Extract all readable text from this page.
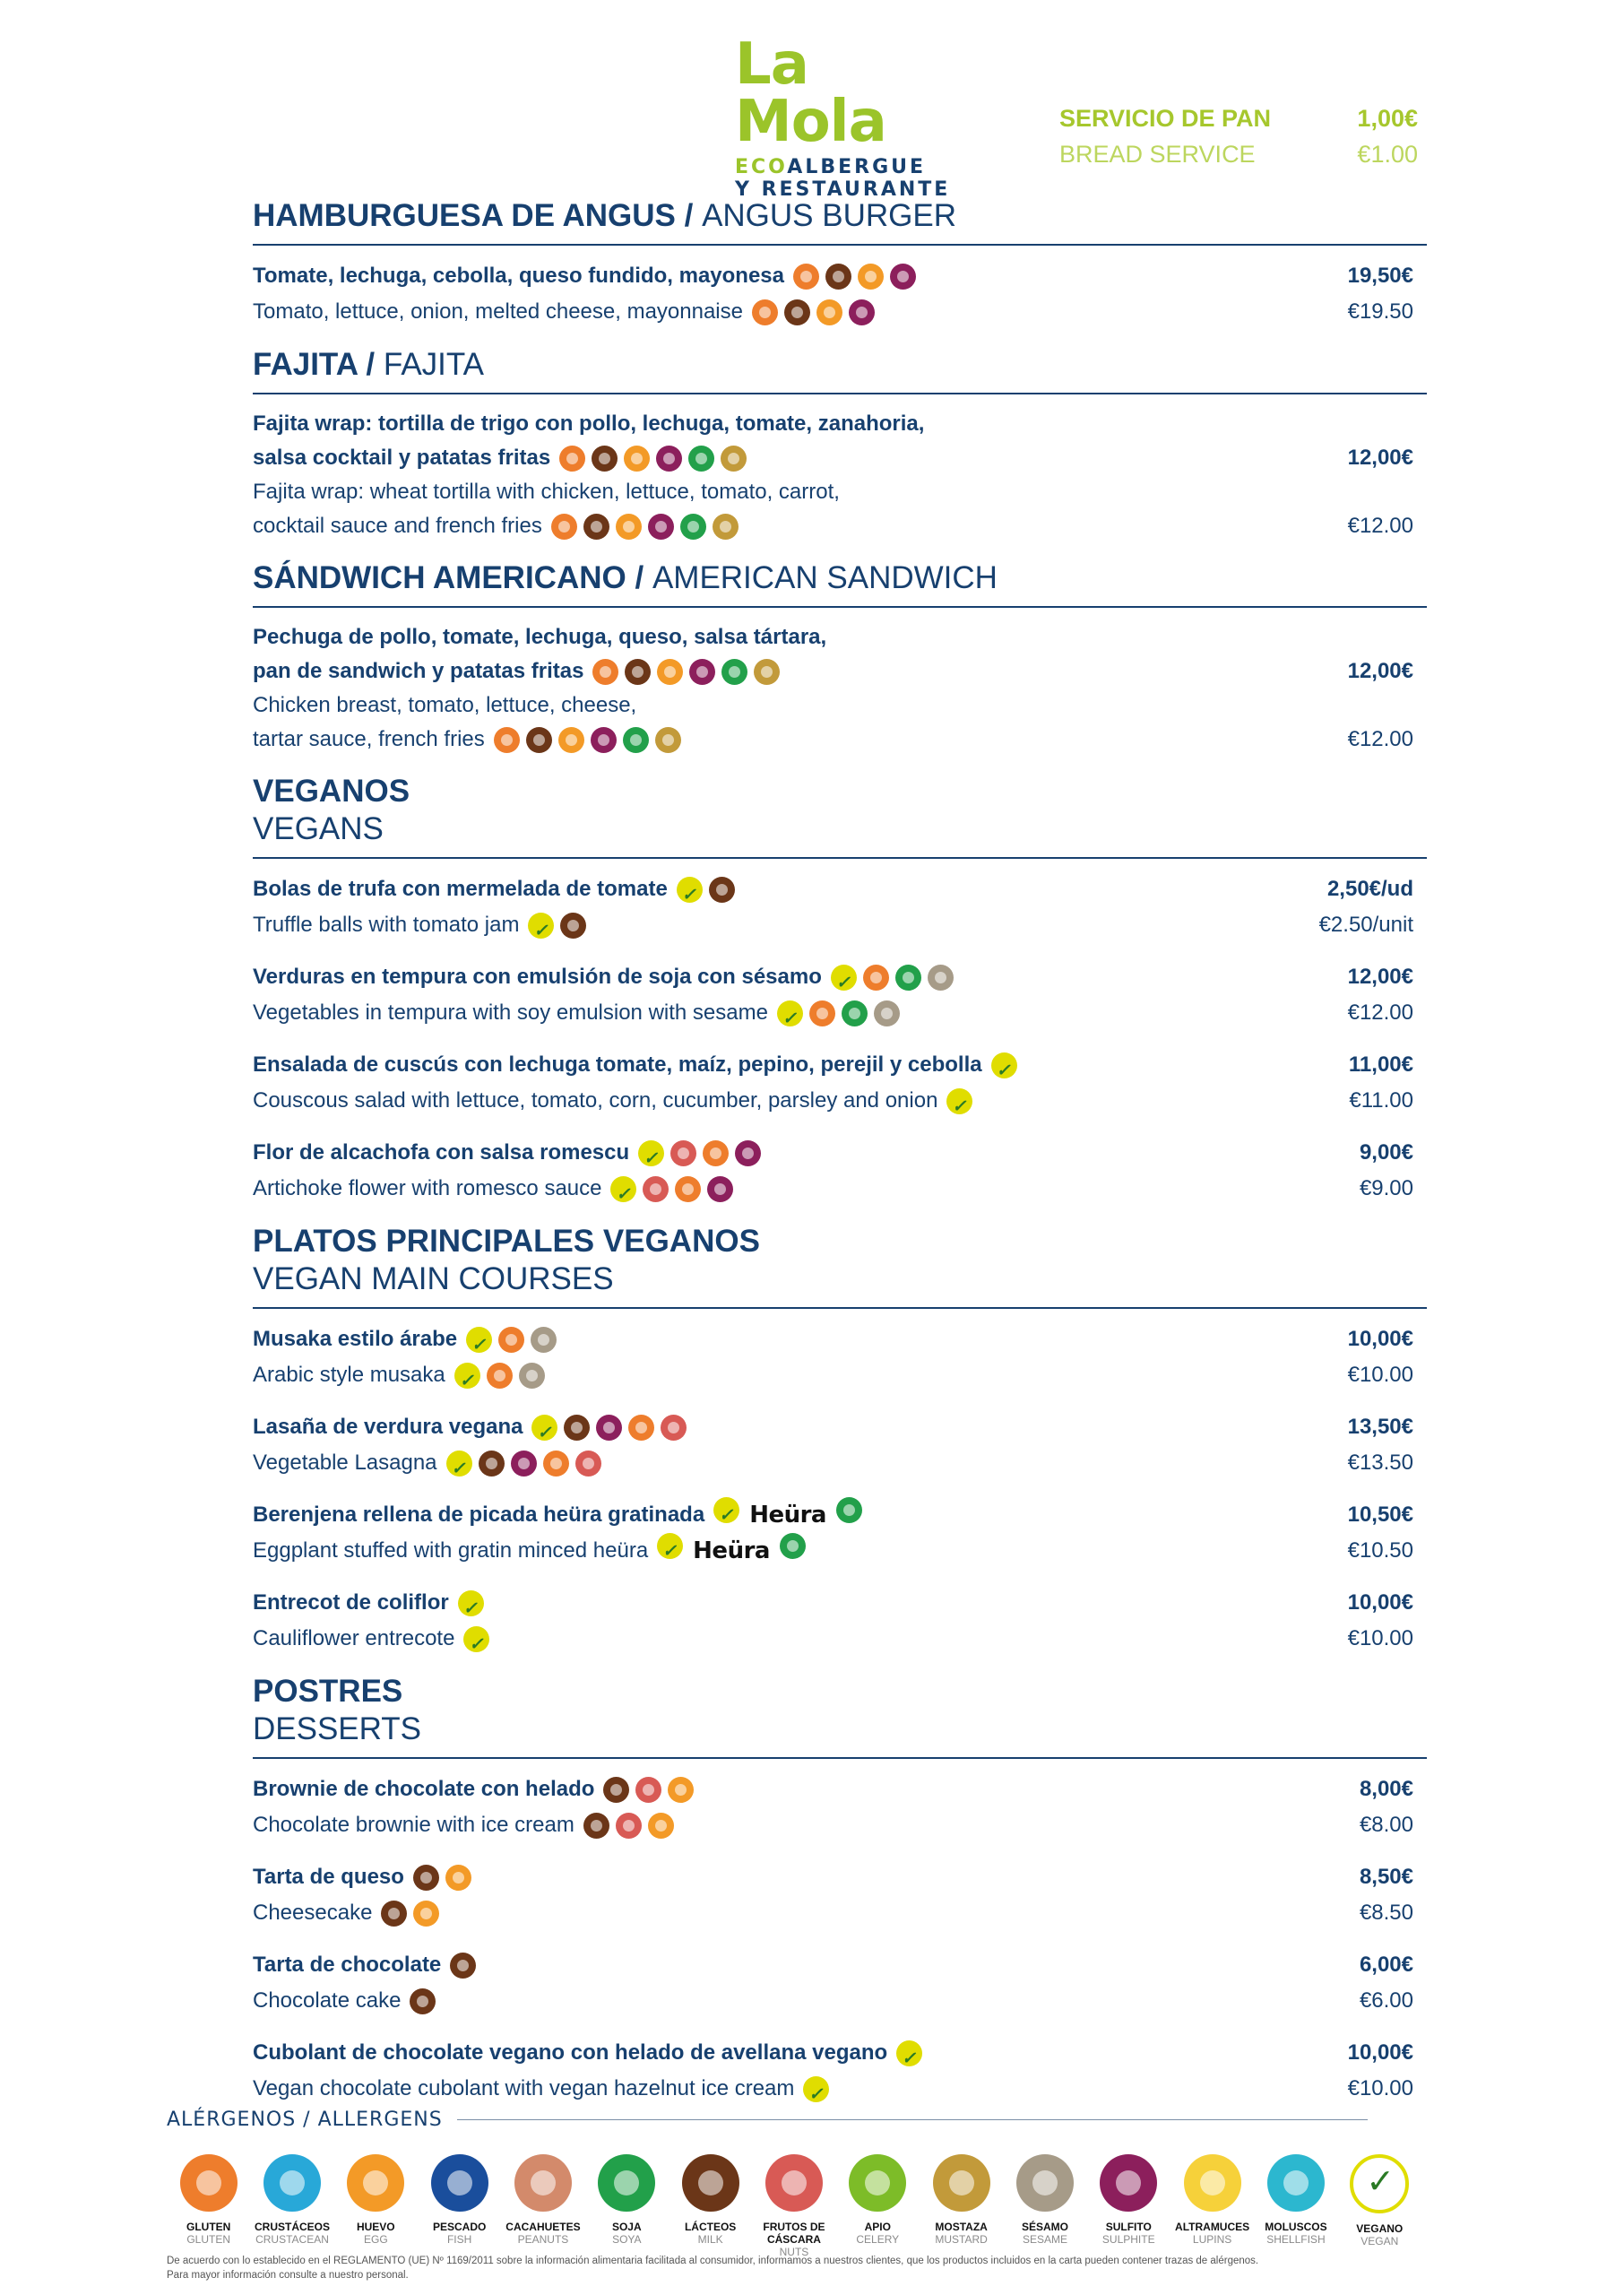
La Mola
ECOALBERGUE
Y RESTAURANTE
SERVICIO DE PAN	1,00€
BREAD SERVICE	€1.00
HAMBURGUESA DE ANGUS / ANGUS BURGER
Tomate, lechuga, cebolla, queso fundido, mayonesa	19,50€
Tomato, lettuce, onion, melted cheese, mayonnaise	€19.50
FAJITA / FAJITA
Fajita wrap: tortilla de trigo con pollo, lechuga, tomate, zanahoria,
salsa cocktail y patatas fritas	12,00€
Fajita wrap: wheat tortilla with chicken, lettuce, tomato, carrot,
cocktail sauce and french fries	€12.00
SÁNDWICH AMERICANO / AMERICAN SANDWICH
Pechuga de pollo, tomate, lechuga, queso, salsa tártara,
pan de sandwich y patatas fritas	12,00€
Chicken breast, tomato, lettuce, cheese,
tartar sauce, french fries	€12.00
VEGANOS
VEGANS
Bolas de trufa con mermelada de tomate ✓	2,50€/ud
Truffle balls with tomato jam ✓	€2.50/unit
Verduras en tempura con emulsión de soja con sésamo ✓	12,00€
Vegetables in tempura with soy emulsion with sesame ✓	€12.00
Ensalada de cuscús con lechuga tomate, maíz, pepino, perejil y cebolla ✓	11,00€
Couscous salad with lettuce, tomato, corn, cucumber, parsley and onion ✓	€11.00
Flor de alcachofa con salsa romescu ✓	9,00€
Artichoke flower with romesco sauce ✓	€9.00
PLATOS PRINCIPALES VEGANOS
VEGAN MAIN COURSES
Musaka estilo árabe ✓	10,00€
Arabic style musaka ✓	€10.00
Lasaña de verdura vegana ✓	13,50€
Vegetable Lasagna ✓	€13.50
Berenjena rellena de picada heüra gratinada ✓ Heüra	10,50€
Eggplant stuffed with gratin minced heüra ✓ Heüra	€10.50
Entrecot de coliflor ✓	10,00€
Cauliflower entrecote ✓	€10.00
POSTRES
DESSERTS
Brownie de chocolate con helado	8,00€
Chocolate brownie with ice cream	€8.00
Tarta de queso	8,50€
Cheesecake	€8.50
Tarta de chocolate	6,00€
Chocolate cake	€6.00
Cubolant de chocolate vegano con helado de avellana vegano ✓	10,00€
Vegan chocolate cubolant with vegan hazelnut ice cream ✓	€10.00
ALÉRGENOS / ALLERGENS
GLUTEN
GLUTEN
CRUSTÁCEOS
CRUSTACEAN
HUEVO
EGG
PESCADO
FISH
CACAHUETES
PEANUTS
SOJA
SOYA
LÁCTEOS
MILK
FRUTOS DE CÁSCARA
NUTS
APIO
CELERY
MOSTAZA
MUSTARD
SÉSAMO
SESAME
SULFITO
SULPHITE
ALTRAMUCES
LUPINS
MOLUSCOS
SHELLFISH
✓
VEGANO
VEGAN
De acuerdo con lo establecido en el REGLAMENTO (UE) Nº 1169/2011 sobre la información alimentaria facilitada al consumidor, informamos a nuestros clientes, que los productos incluidos en la carta pueden contener trazas de alérgenos.
Para mayor información consulte a nuestro personal.
